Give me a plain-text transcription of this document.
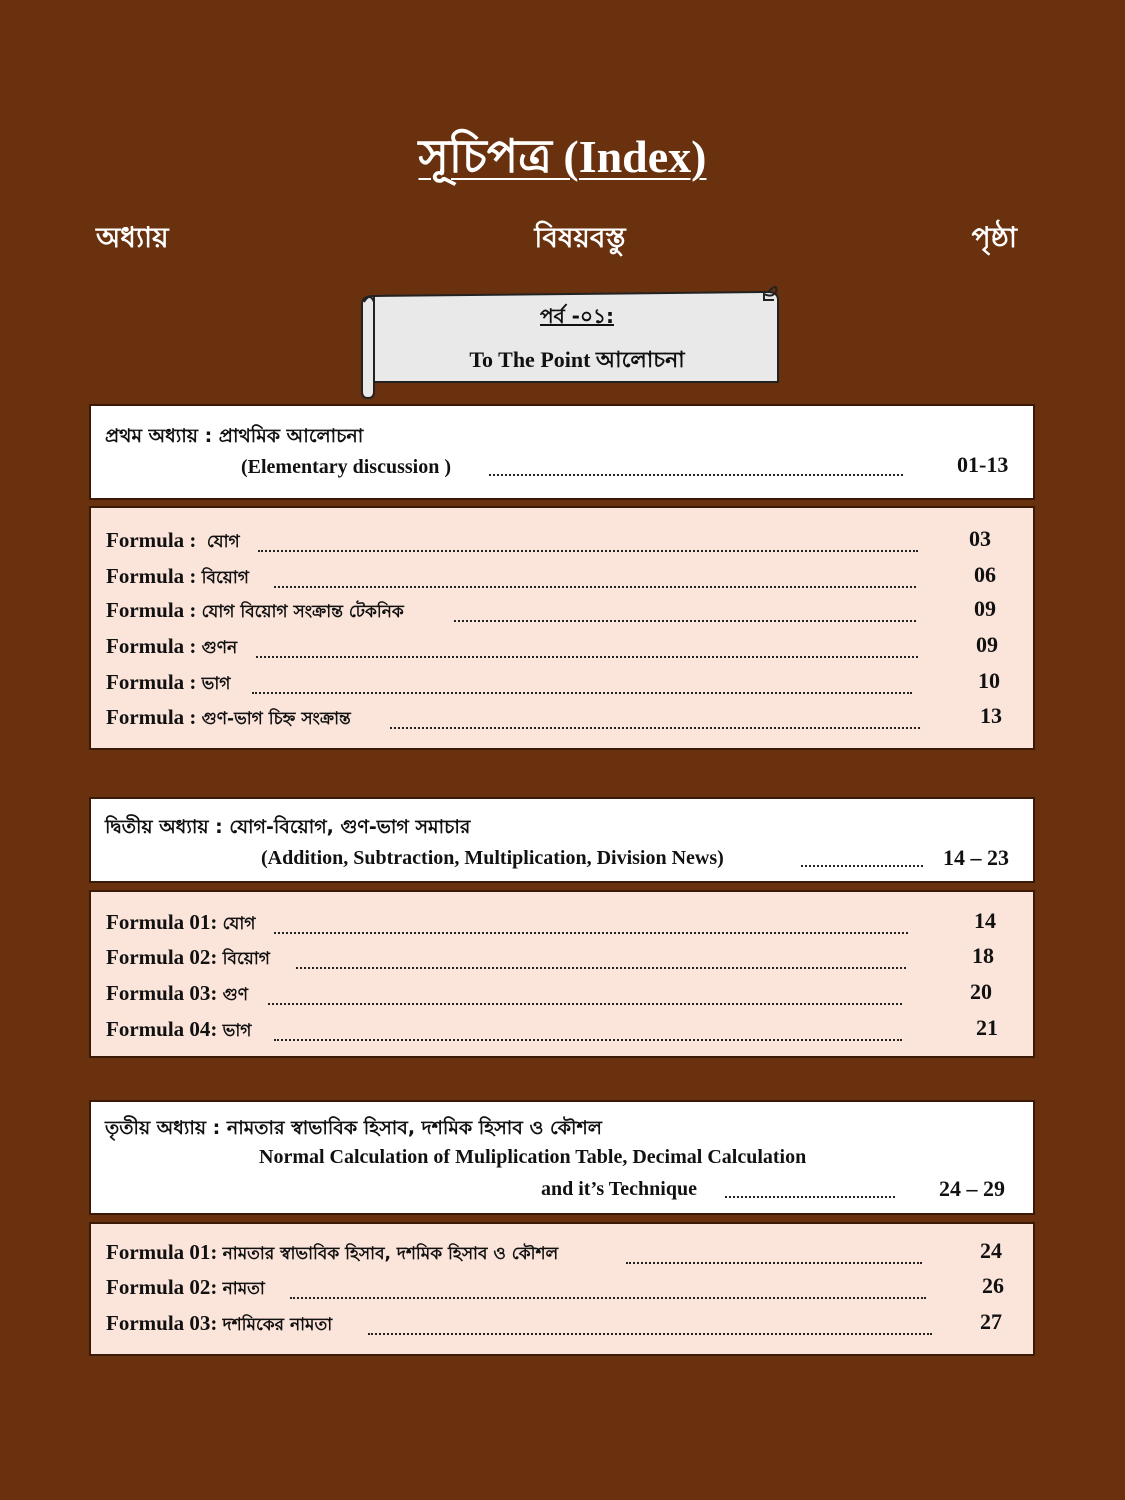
সূচিপত্র (Index)
অধ্যায়	বিষয়বস্তু	পৃষ্ঠা
পর্ব -০১:
To The Point আলোচনা
প্রথম অধ্যায় : প্রাথমিক আলোচনা
(Elementary discussion )	01-13
Formula : যোগ	03
Formula : বিয়োগ	06
Formula : যোগ বিয়োগ সংক্রান্ত টেকনিক	09
Formula : গুণন	09
Formula : ভাগ	10
Formula : গুণ-ভাগ চিহ্ন সংক্রান্ত	13
দ্বিতীয় অধ্যায় : যোগ-বিয়োগ, গুণ-ভাগ সমাচার
(Addition, Subtraction, Multiplication, Division News)	14 – 23
Formula 01: যোগ	14
Formula 02: বিয়োগ	18
Formula 03: গুণ	20
Formula 04: ভাগ	21
তৃতীয় অধ্যায় : নামতার স্বাভাবিক হিসাব, দশমিক হিসাব ও কৌশল
Normal Calculation of Muliplication Table, Decimal Calculation
and it’s Technique	24 – 29
Formula 01: নামতার স্বাভাবিক হিসাব, দশমিক হিসাব ও কৌশল	24
Formula 02: নামতা	26
Formula 03: দশমিকের নামতা	27
